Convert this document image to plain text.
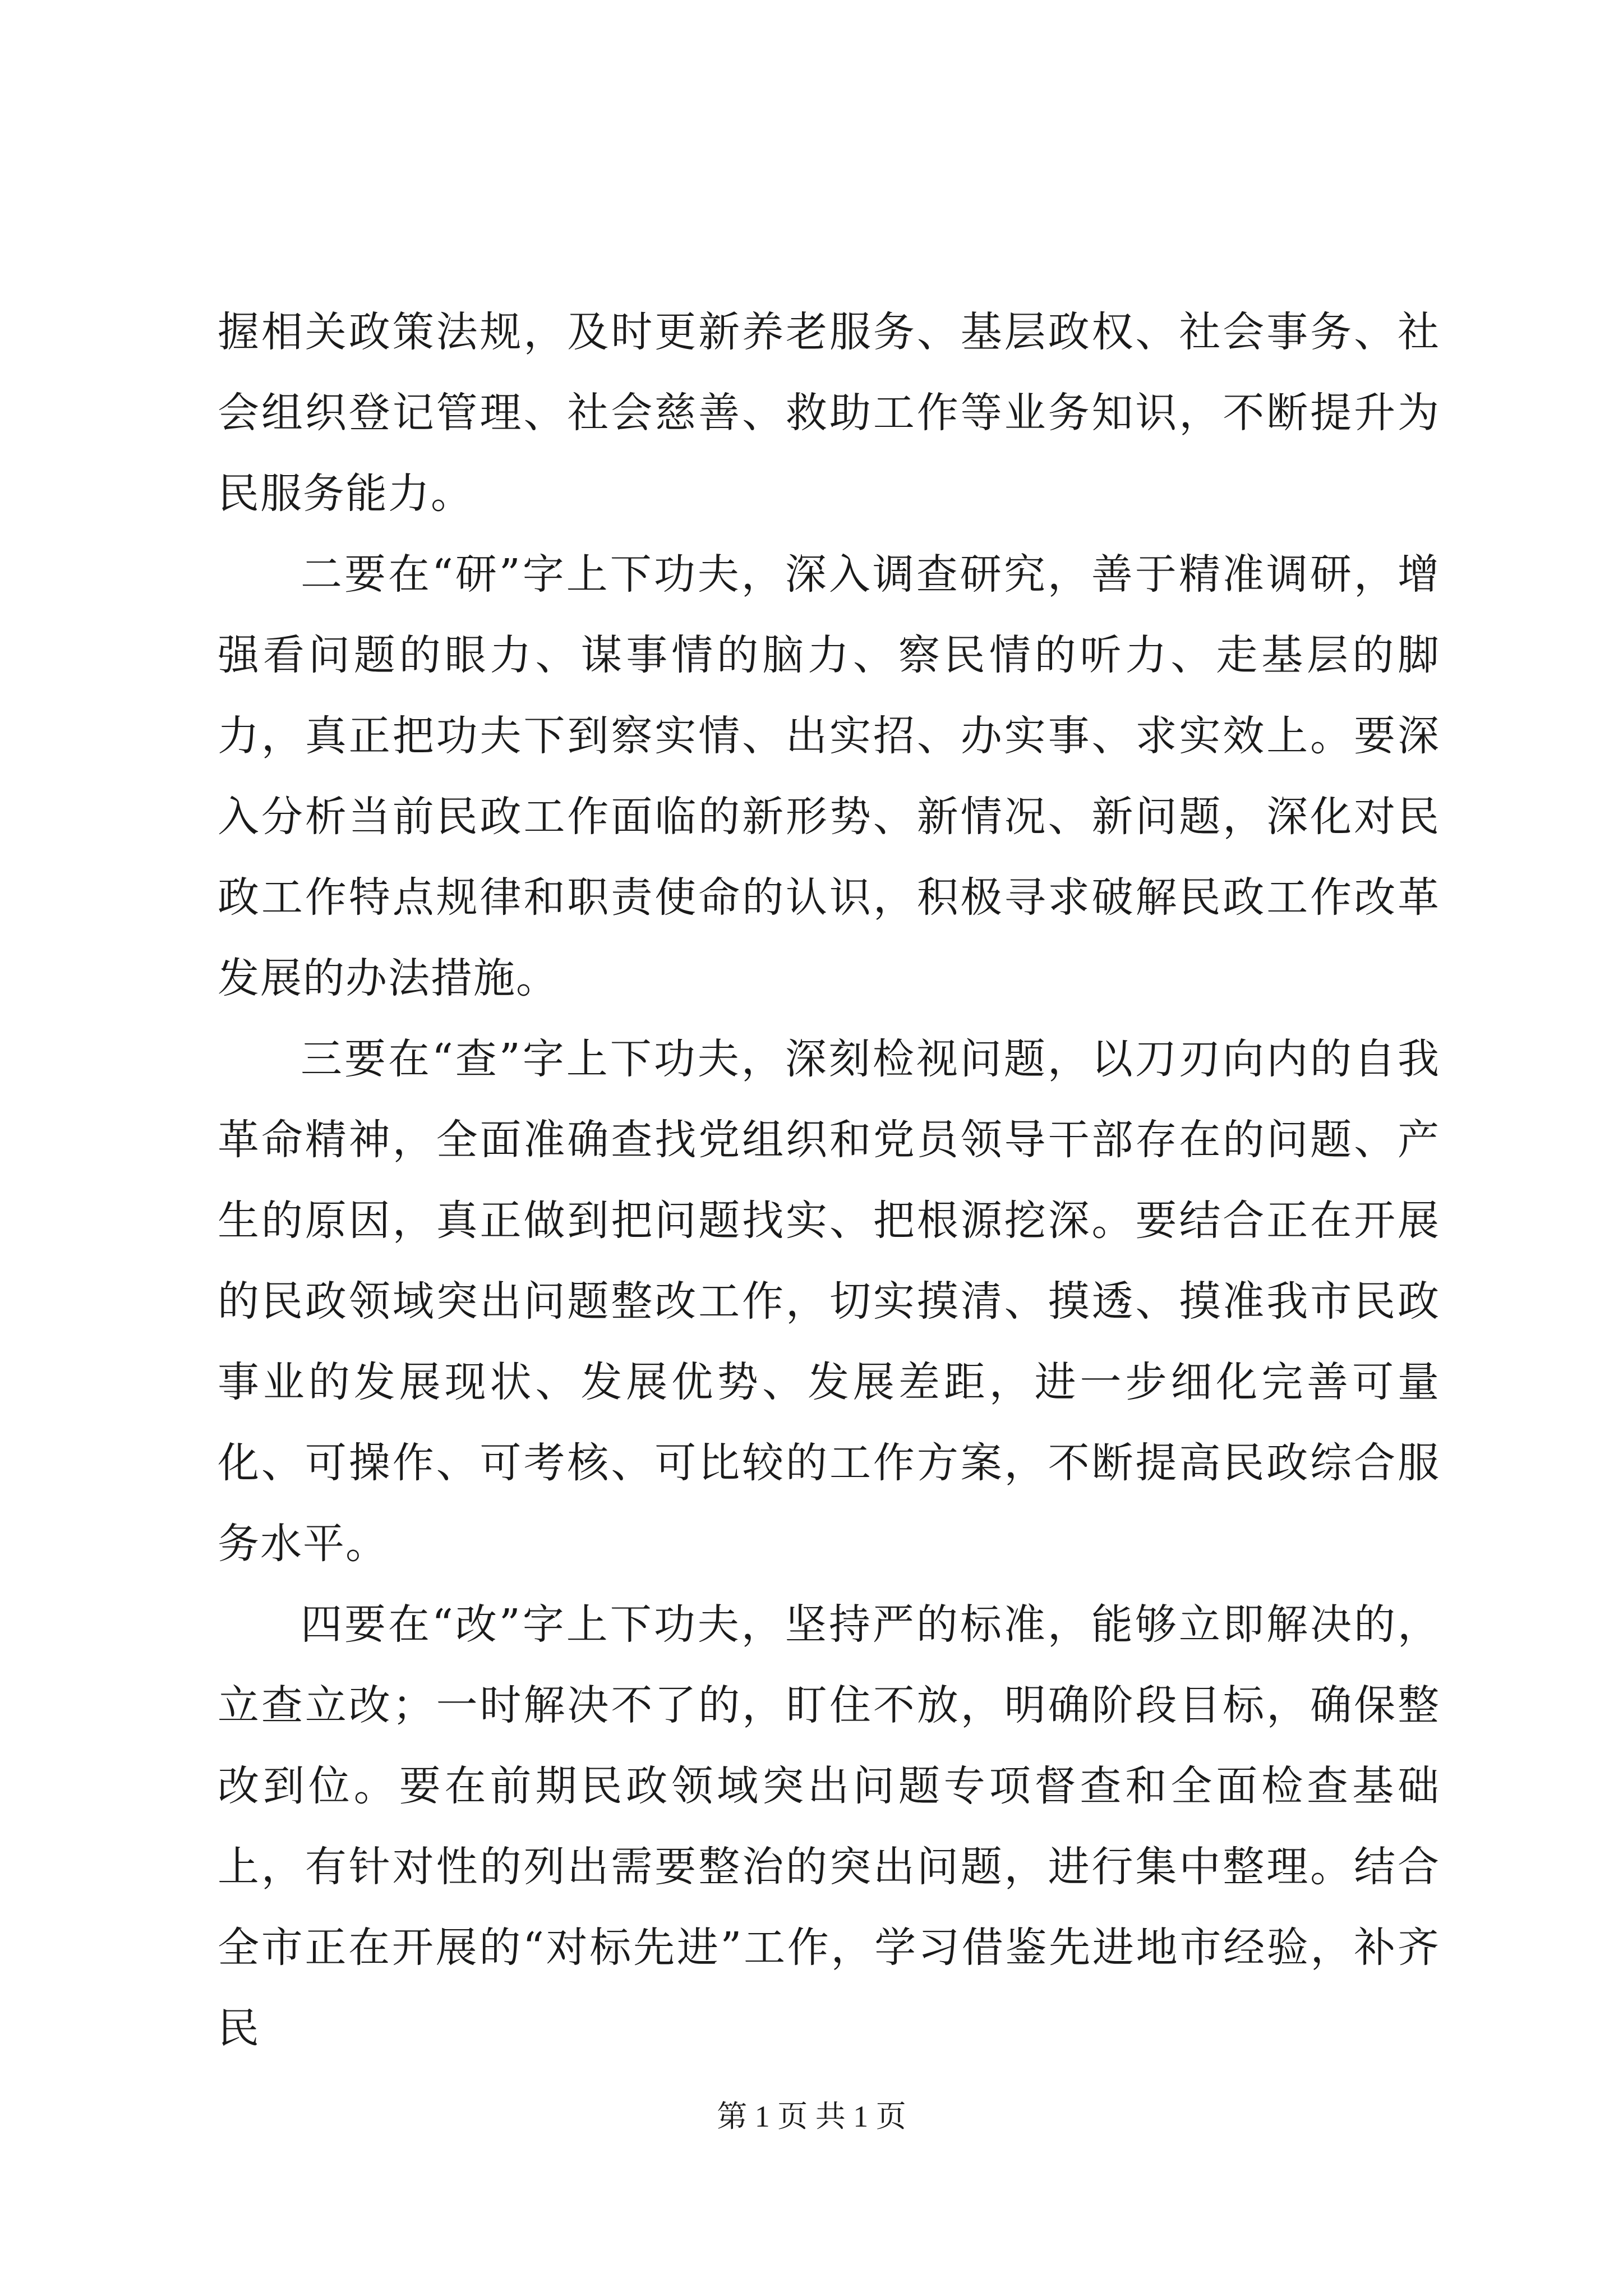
握相关政策法规，及时更新养老服务、基层政权、社会事务、社会组织登记管理、社会慈善、救助工作等业务知识，不断提升为民服务能力。

二要在“研”字上下功夫，深入调查研究，善于精准调研，增强看问题的眼力、谋事情的脑力、察民情的听力、走基层的脚力，真正把功夫下到察实情、出实招、办实事、求实效上。要深入分析当前民政工作面临的新形势、新情况、新问题，深化对民政工作特点规律和职责使命的认识，积极寻求破解民政工作改革发展的办法措施。

三要在“查”字上下功夫，深刻检视问题，以刀刃向内的自我革命精神，全面准确查找党组织和党员领导干部存在的问题、产生的原因，真正做到把问题找实、把根源挖深。要结合正在开展的民政领域突出问题整改工作，切实摸清、摸透、摸准我市民政事业的发展现状、发展优势、发展差距，进一步细化完善可量化、可操作、可考核、可比较的工作方案，不断提高民政综合服务水平。

四要在“改”字上下功夫，坚持严的标准，能够立即解决的，立查立改；一时解决不了的，盯住不放，明确阶段目标，确保整改到位。要在前期民政领域突出问题专项督查和全面检查基础上，有针对性的列出需要整治的突出问题，进行集中整理。结合全市正在开展的“对标先进”工作，学习借鉴先进地市经验，补齐民

第 1 页 共 1 页
